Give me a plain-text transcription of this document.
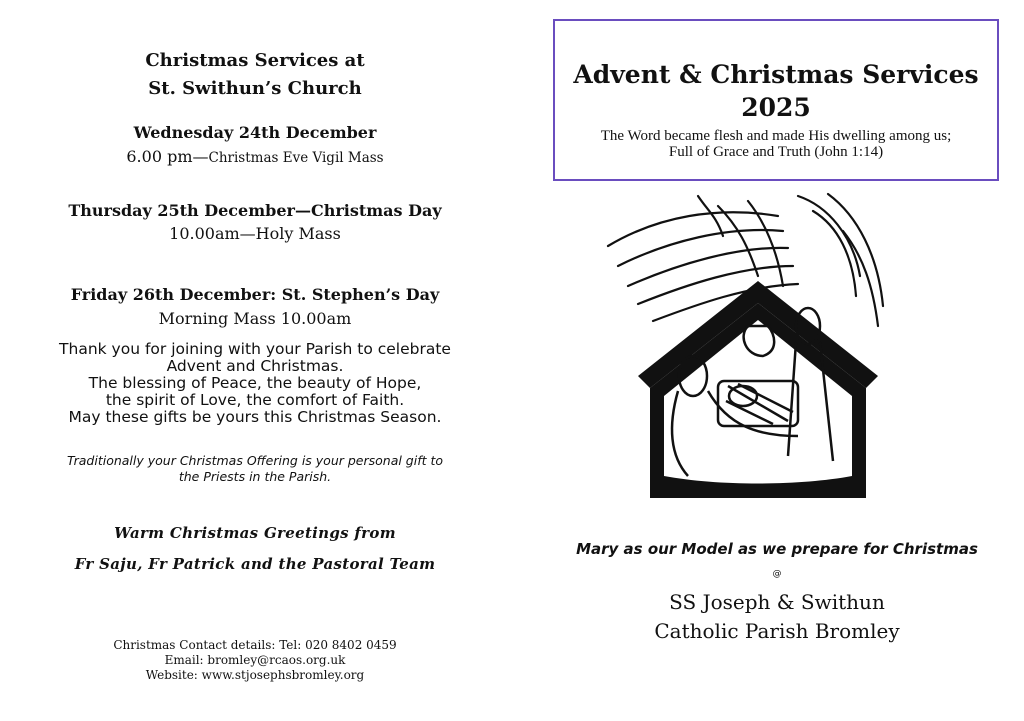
Christmas Services at
St. Swithun’s Church
Wednesday 24th December
6.00 pm—Christmas Eve Vigil Mass
Thursday 25th December—Christmas Day
10.00am—Holy Mass
Friday 26th December: St. Stephen’s Day
Morning Mass 10.00am
Thank you for joining with your Parish to celebrate
Advent and Christmas.
The blessing of Peace, the beauty of Hope,
the spirit of Love, the comfort of Faith.
May these gifts be yours this Christmas Season.
Traditionally your Christmas Offering is your personal gift to
the Priests in the Parish.
Warm Christmas Greetings from
Fr Saju, Fr Patrick and the Pastoral Team
Christmas Contact details: Tel: 020 8402 0459
Email: bromley@rcaos.org.uk
Website: www.stjosephsbromley.org
Advent & Christmas Services
2025
The Word became flesh and made His dwelling among us;
Full of Grace and Truth (John 1:14)
Mary as our Model as we prepare for Christmas
@
SS Joseph & Swithun
Catholic Parish Bromley
